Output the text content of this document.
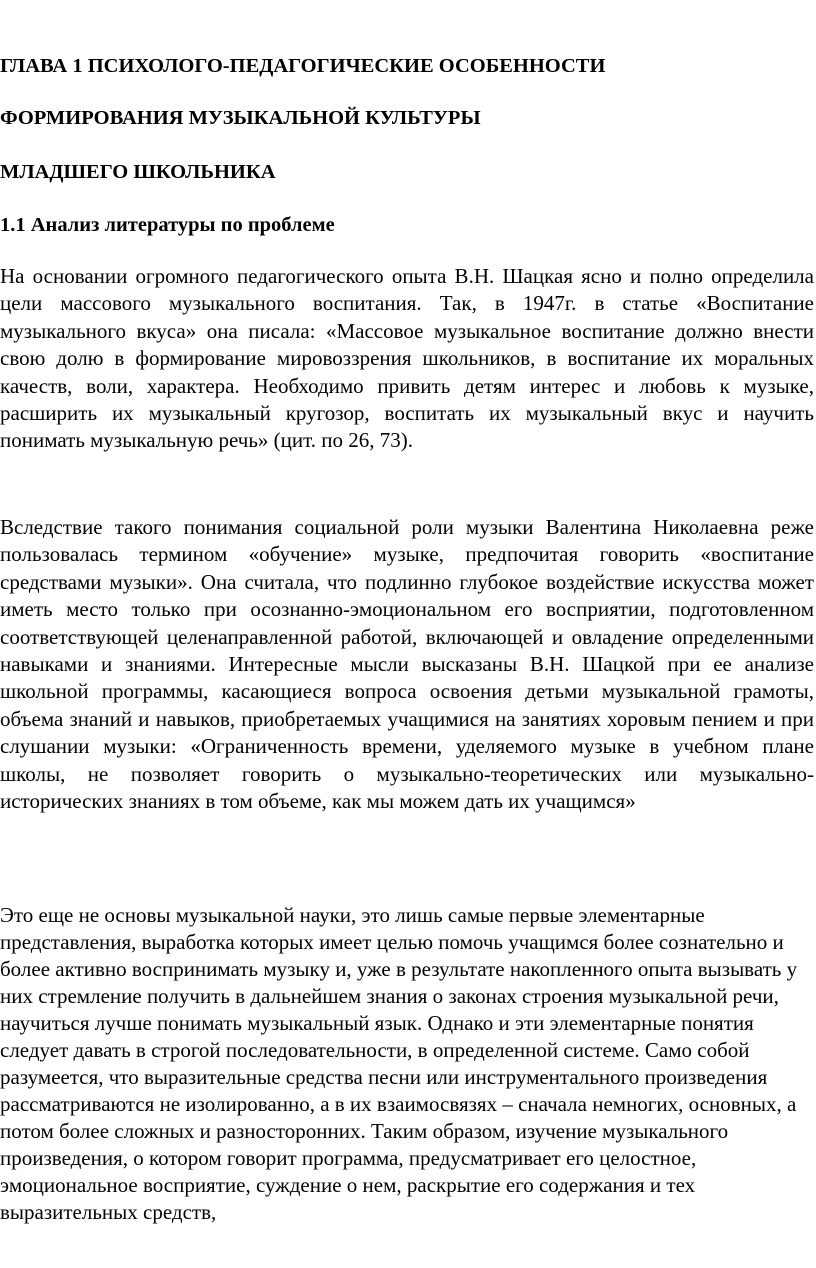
ГЛАВА 1 ПСИХОЛОГО-ПЕДАГОГИЧЕСКИЕ ОСОБЕННОСТИ
ФОРМИРОВАНИЯ МУЗЫКАЛЬНОЙ КУЛЬТУРЫ
МЛАДШЕГО ШКОЛЬНИКА
1.1 Анализ литературы по проблеме

На основании огромного педагогического опыта В.Н. Шацкая ясно и полно определила цели массового музыкального воспитания. Так, в 1947г. в статье «Воспитание музыкального вкуса» она писала: «Массовое музыкальное воспитание должно внести свою долю в формирование мировоззрения школьников, в воспитание их моральных качеств, воли, характера. Необходимо привить детям интерес и любовь к музыке, расширить их музыкальный кругозор, воспитать их музыкальный вкус и научить понимать музыкальную речь» (цит. по 26, 73).

Вследствие такого понимания социальной роли музыки Валентина Николаевна реже пользовалась термином «обучение» музыке, предпочитая говорить «воспитание средствами музыки». Она считала, что подлинно глубокое воздействие искусства может иметь место только при осознанно-эмоциональном его восприятии, подготовленном соответствующей целенаправленной работой, включающей и овладение определенными навыками и знаниями. Интересные мысли высказаны В.Н. Шацкой при ее анализе школьной программы, касающиеся вопроса освоения детьми музыкальной грамоты, объема знаний и навыков, приобретаемых учащимися на занятиях хоровым пением и при слушании музыки: «Ограниченность времени, уделяемого музыке в учебном плане школы, не позволяет говорить о музыкально-теоретических или музыкально-исторических знаниях в том объеме, как мы можем дать их учащимся»

Это еще не основы музыкальной науки, это лишь самые первые элементарные представления, выработка которых имеет целью помочь учащимся более сознательно и более активно воспринимать музыку и, уже в результате накопленного опыта вызывать у них стремление получить в дальнейшем знания о законах строения музыкальной речи, научиться лучше понимать музыкальный язык. Однако и эти элементарные понятия следует давать в строгой последовательности, в определенной системе. Само собой разумеется, что выразительные средства песни или инструментального произведения рассматриваются не изолированно, а в их взаимосвязях – сначала немногих, основных, а потом более сложных и разносторонних. Таким образом, изучение музыкального произведения, о котором говорит программа, предусматривает его целостное, эмоциональное восприятие, суждение о нем, раскрытие его содержания и тех выразительных средств,
